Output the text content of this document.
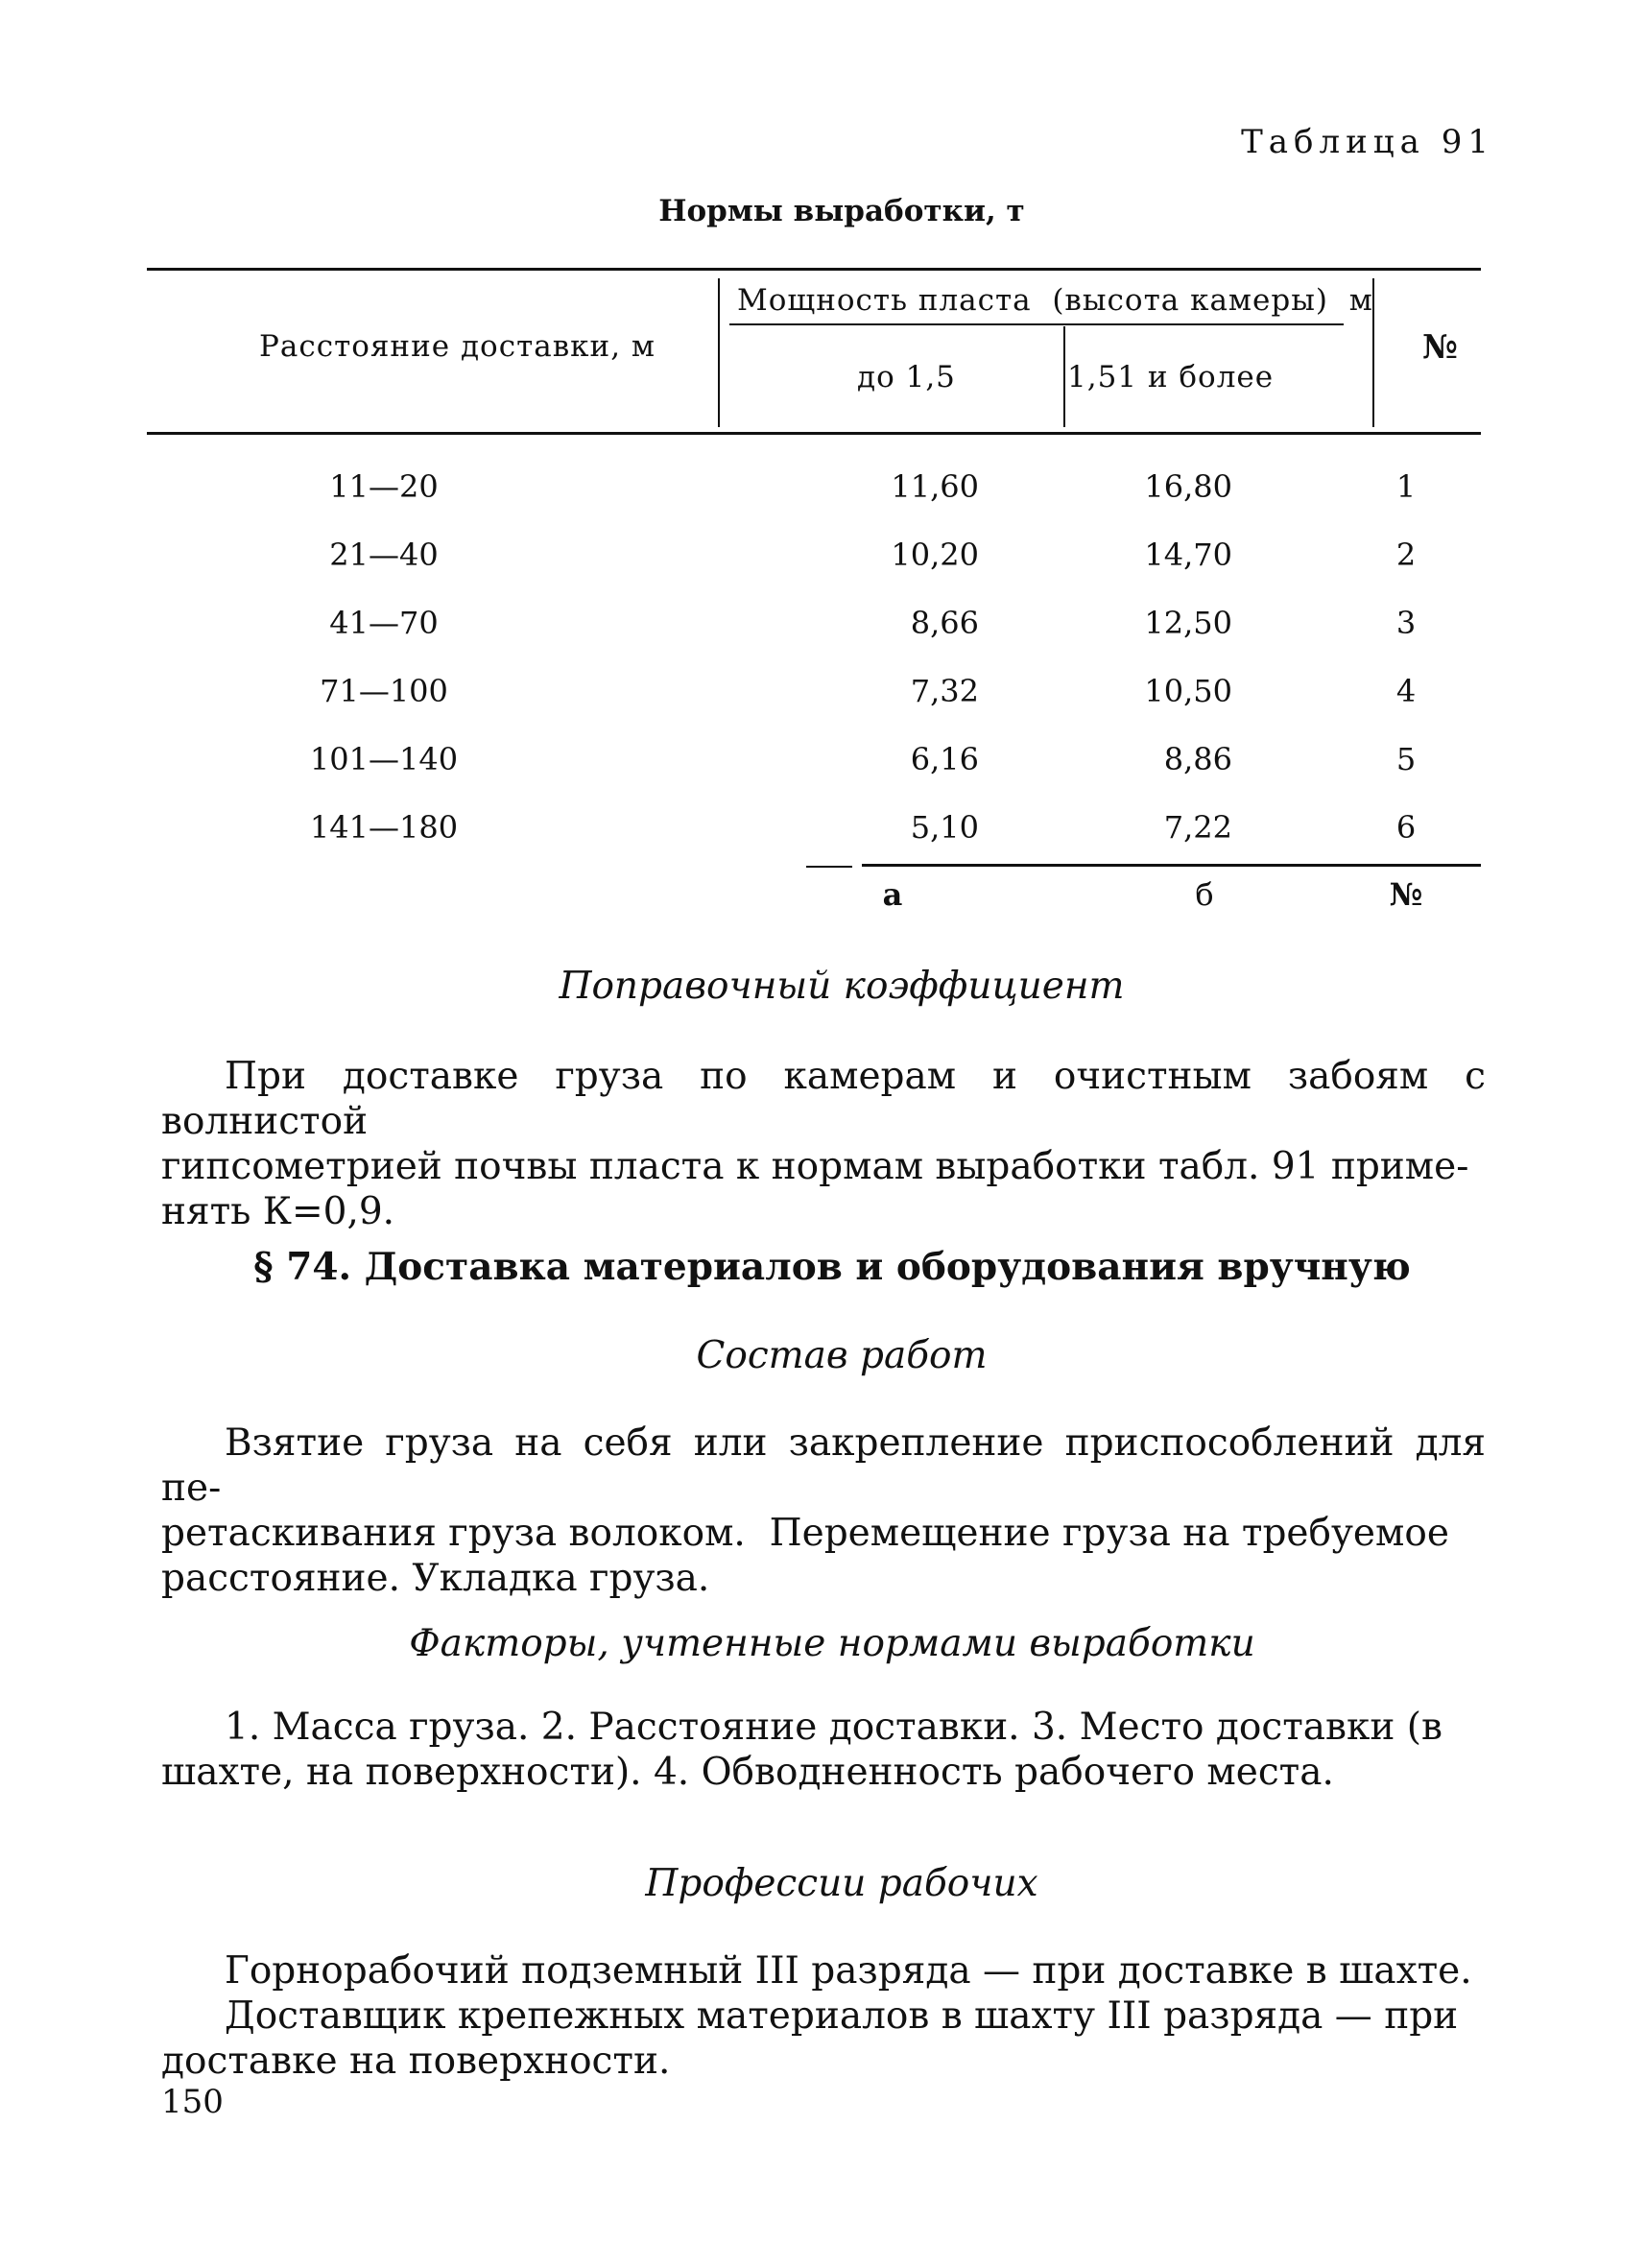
Таблица 91
Нормы выработки, т
Расстояние доставки, м
Мощность пласта  (высота камеры)  м
до 1,5	1,51 и более
№
11—20	11,60	16,80	1
21—40	10,20	14,70	2
41—70	8,66	12,50	3
71—100	7,32	10,50	4
101—140	6,16	8,86	5
141—180	5,10	7,22	6
а	б	№
Поправочный коэффициент
При доставке груза по камерам и очистным забоям с волнистой
гипсометрией почвы пласта к нормам выработки табл. 91 приме-
нять К=0,9.
§ 74. Доставка материалов и оборудования вручную
Состав работ
Взятие груза на себя или закрепление приспособлений для пе-
ретаскивания груза волоком.  Перемещение груза на требуемое
расстояние. Укладка груза.
Факторы, учтенные нормами выработки
1. Масса груза. 2. Расстояние доставки. 3. Место доставки (в
шахте, на поверхности). 4. Обводненность рабочего места.
Профессии рабочих
Горнорабочий подземный III разряда — при доставке в шахте.
Доставщик крепежных материалов в шахту III разряда — при
доставке на поверхности.
150
